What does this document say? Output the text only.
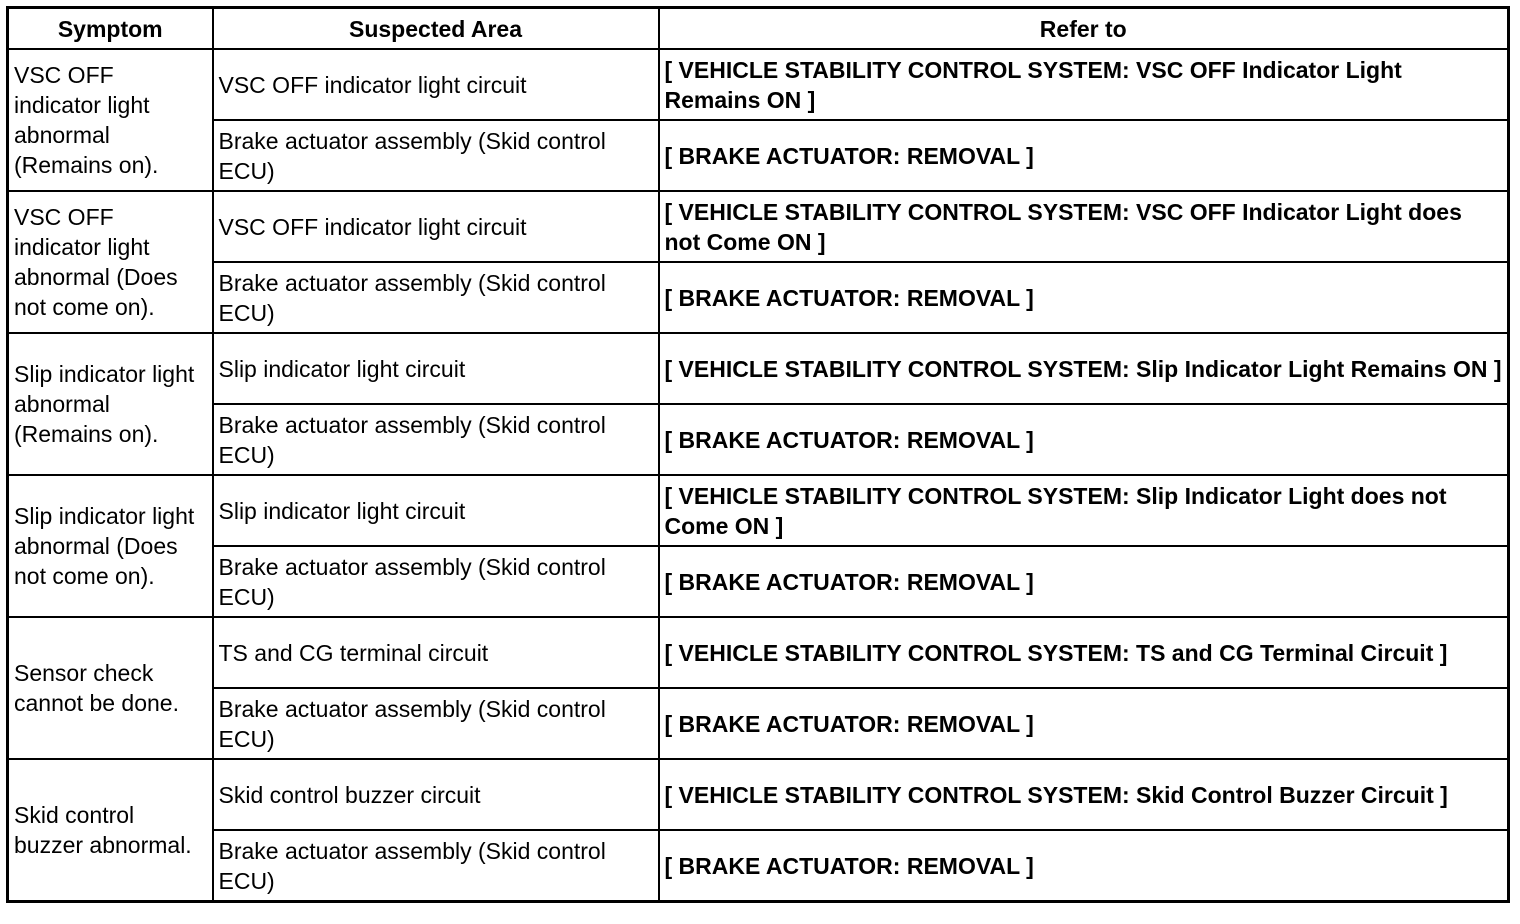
Symptom	Suspected Area	Refer to
VSC OFF indicator light abnormal (Remains on).	VSC OFF indicator light circuit	[ VEHICLE STABILITY CONTROL SYSTEM: VSC OFF Indicator Light Remains ON ]
	Brake actuator assembly (Skid control ECU)	[ BRAKE ACTUATOR: REMOVAL ]
VSC OFF indicator light abnormal (Does not come on).	VSC OFF indicator light circuit	[ VEHICLE STABILITY CONTROL SYSTEM: VSC OFF Indicator Light does not Come ON ]
	Brake actuator assembly (Skid control ECU)	[ BRAKE ACTUATOR: REMOVAL ]
Slip indicator light abnormal (Remains on).	Slip indicator light circuit	[ VEHICLE STABILITY CONTROL SYSTEM: Slip Indicator Light Remains ON ]
	Brake actuator assembly (Skid control ECU)	[ BRAKE ACTUATOR: REMOVAL ]
Slip indicator light abnormal (Does not come on).	Slip indicator light circuit	[ VEHICLE STABILITY CONTROL SYSTEM: Slip Indicator Light does not Come ON ]
	Brake actuator assembly (Skid control ECU)	[ BRAKE ACTUATOR: REMOVAL ]
Sensor check cannot be done.	TS and CG terminal circuit	[ VEHICLE STABILITY CONTROL SYSTEM: TS and CG Terminal Circuit ]
	Brake actuator assembly (Skid control ECU)	[ BRAKE ACTUATOR: REMOVAL ]
Skid control buzzer abnormal.	Skid control buzzer circuit	[ VEHICLE STABILITY CONTROL SYSTEM: Skid Control Buzzer Circuit ]
	Brake actuator assembly (Skid control ECU)	[ BRAKE ACTUATOR: REMOVAL ]
